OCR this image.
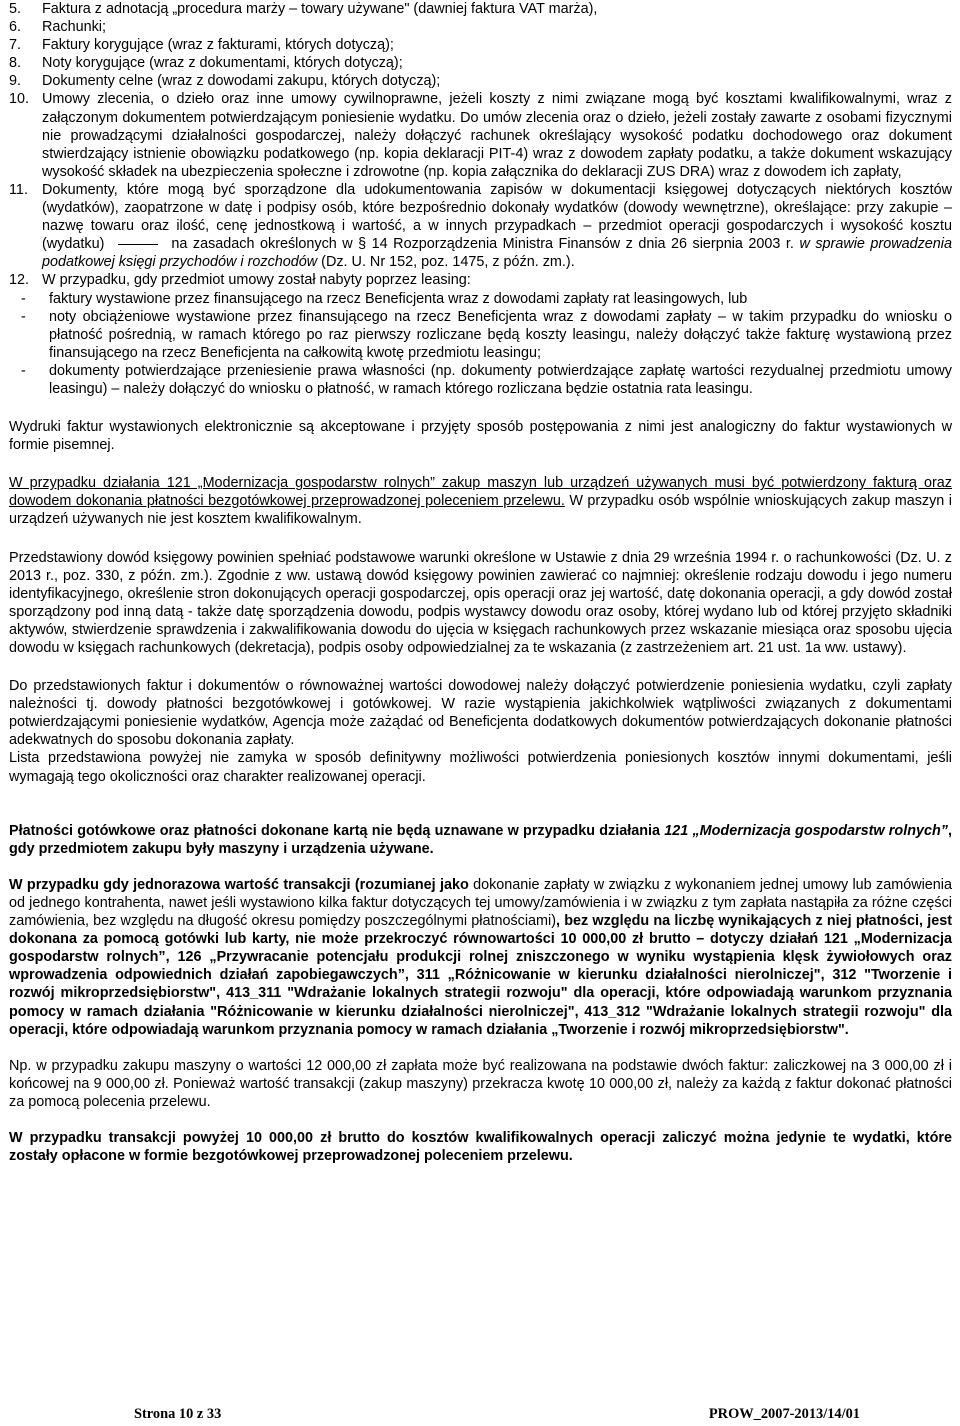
5. Faktura z adnotacją „procedura marży – towary używane" (dawniej faktura VAT marża),
6. Rachunki;
7. Faktury korygujące (wraz z fakturami, których dotyczą);
8. Noty korygujące (wraz z dokumentami, których dotyczą);
9. Dokumenty celne (wraz z dowodami zakupu, których dotyczą);
10. Umowy zlecenia, o dzieło oraz inne umowy cywilnoprawne, jeżeli koszty z nimi związane mogą być kosztami kwalifikowalnymi, wraz z załączonym dokumentem potwierdzającym poniesienie wydatku. Do umów zlecenia oraz o dzieło, jeżeli zostały zawarte z osobami fizycznymi nie prowadzącymi działalności gospodarczej, należy dołączyć rachunek określający wysokość podatku dochodowego oraz dokument stwierdzający istnienie obowiązku podatkowego (np. kopia deklaracji PIT-4) wraz z dowodem zapłaty podatku, a także dokument wskazujący wysokość składek na ubezpieczenia społeczne i zdrowotne (np. kopia załącznika do deklaracji ZUS DRA) wraz z dowodem ich zapłaty,
11. Dokumenty, które mogą być sporządzone dla udokumentowania zapisów w dokumentacji księgowej dotyczących niektórych kosztów (wydatków), zaopatrzone w datę i podpisy osób, które bezpośrednio dokonały wydatków (dowody wewnętrzne), określające: przy zakupie – nazwę towaru oraz ilość, cenę jednostkową i wartość, a w innych przypadkach – przedmiot operacji gospodarczych i wysokość kosztu (wydatku)	na zasadach określonych w § 14 Rozporządzenia Ministra Finansów z dnia 26 sierpnia 2003 r. w sprawie prowadzenia podatkowej księgi przychodów i rozchodów (Dz. U. Nr 152, poz. 1475, z późn. zm.).
12. W przypadku, gdy przedmiot umowy został nabyty poprzez leasing:
- faktury wystawione przez finansującego na rzecz Beneficjenta wraz z dowodami zapłaty rat leasingowych, lub
- noty obciążeniowe wystawione przez finansującego na rzecz Beneficjenta wraz z dowodami zapłaty – w takim przypadku do wniosku o płatność pośrednią, w ramach którego po raz pierwszy rozliczane będą koszty leasingu, należy dołączyć także fakturę wystawioną przez finansującego na rzecz Beneficjenta na całkowitą kwotę przedmiotu leasingu;
- dokumenty potwierdzające przeniesienie prawa własności (np. dokumenty potwierdzające zapłatę wartości rezydualnej przedmiotu umowy leasingu) – należy dołączyć do wniosku o płatność, w ramach którego rozliczana będzie ostatnia rata leasingu.

Wydruki faktur wystawionych elektronicznie są akceptowane i przyjęty sposób postępowania z nimi jest analogiczny do faktur wystawionych w formie pisemnej.

W przypadku działania 121 „Modernizacja gospodarstw rolnych” zakup maszyn lub urządzeń używanych musi być potwierdzony fakturą oraz dowodem dokonania płatności bezgotówkowej przeprowadzonej poleceniem przelewu. W przypadku osób wspólnie wnioskujących zakup maszyn i urządzeń używanych nie jest kosztem kwalifikowalnym.

Przedstawiony dowód księgowy powinien spełniać podstawowe warunki określone w Ustawie z dnia 29 września 1994 r. o rachunkowości (Dz. U. z 2013 r., poz. 330, z późn. zm.). Zgodnie z ww. ustawą dowód księgowy powinien zawierać co najmniej: określenie rodzaju dowodu i jego numeru identyfikacyjnego, określenie stron dokonujących operacji gospodarczej, opis operacji oraz jej wartość, datę dokonania operacji, a gdy dowód został sporządzony pod inną datą - także datę sporządzenia dowodu, podpis wystawcy dowodu oraz osoby, której wydano lub od której przyjęto składniki aktywów, stwierdzenie sprawdzenia i zakwalifikowania dowodu do ujęcia w księgach rachunkowych przez wskazanie miesiąca oraz sposobu ujęcia dowodu w księgach rachunkowych (dekretacja), podpis osoby odpowiedzialnej za te wskazania (z zastrzeżeniem art. 21 ust. 1a ww. ustawy).

Do przedstawionych faktur i dokumentów o równoważnej wartości dowodowej należy dołączyć potwierdzenie poniesienia wydatku, czyli zapłaty należności tj. dowody płatności bezgotówkowej i gotówkowej. W razie wystąpienia jakichkolwiek wątpliwości związanych z dokumentami potwierdzającymi poniesienie wydatków, Agencja może zażądać od Beneficjenta dodatkowych dokumentów potwierdzających dokonanie płatności adekwatnych do sposobu dokonania zapłaty.

Lista przedstawiona powyżej nie zamyka w sposób definitywny możliwości potwierdzenia poniesionych kosztów innymi dokumentami, jeśli wymagają tego okoliczności oraz charakter realizowanej operacji.

Płatności gotówkowe oraz płatności dokonane kartą nie będą uznawane w przypadku działania 121 „Modernizacja gospodarstw rolnych”, gdy przedmiotem zakupu były maszyny i urządzenia używane.

W przypadku gdy jednorazowa wartość transakcji (rozumianej jako dokonanie zapłaty w związku z wykonaniem jednej umowy lub zamówienia od jednego kontrahenta, nawet jeśli wystawiono kilka faktur dotyczących tej umowy/zamówienia i w związku z tym zapłata nastąpiła za różne części zamówienia, bez względu na długość okresu pomiędzy poszczególnymi płatnościami), bez względu na liczbę wynikających z niej płatności, jest dokonana za pomocą gotówki lub karty, nie może przekroczyć równowartości 10 000,00 zł brutto – dotyczy działań 121 „Modernizacja gospodarstw rolnych”, 126 „Przywracanie potencjału produkcji rolnej zniszczonego w wyniku wystąpienia klęsk żywiołowych oraz wprowadzenia odpowiednich działań zapobiegawczych”, 311 „Różnicowanie w kierunku działalności nierolniczej", 312 "Tworzenie i rozwój mikroprzedsiębiorstw", 413_311 "Wdrażanie lokalnych strategii rozwoju" dla operacji, które odpowiadają warunkom przyznania pomocy w ramach działania "Różnicowanie w kierunku działalności nierolniczej", 413_312 "Wdrażanie lokalnych strategii rozwoju" dla operacji, które odpowiadają warunkom przyznania pomocy w ramach działania „Tworzenie i rozwój mikroprzedsiębiorstw".

Np. w przypadku zakupu maszyny o wartości 12 000,00 zł zapłata może być realizowana na podstawie dwóch faktur: zaliczkowej na 3 000,00 zł i końcowej na 9 000,00 zł. Ponieważ wartość transakcji (zakup maszyny) przekracza kwotę 10 000,00 zł, należy za każdą z faktur dokonać płatności za pomocą polecenia przelewu.

W przypadku transakcji powyżej 10 000,00 zł brutto do kosztów kwalifikowalnych operacji zaliczyć można jedynie te wydatki, które zostały opłacone w formie bezgotówkowej przeprowadzonej poleceniem przelewu.

Strona 10 z 33	PROW_2007-2013/14/01
